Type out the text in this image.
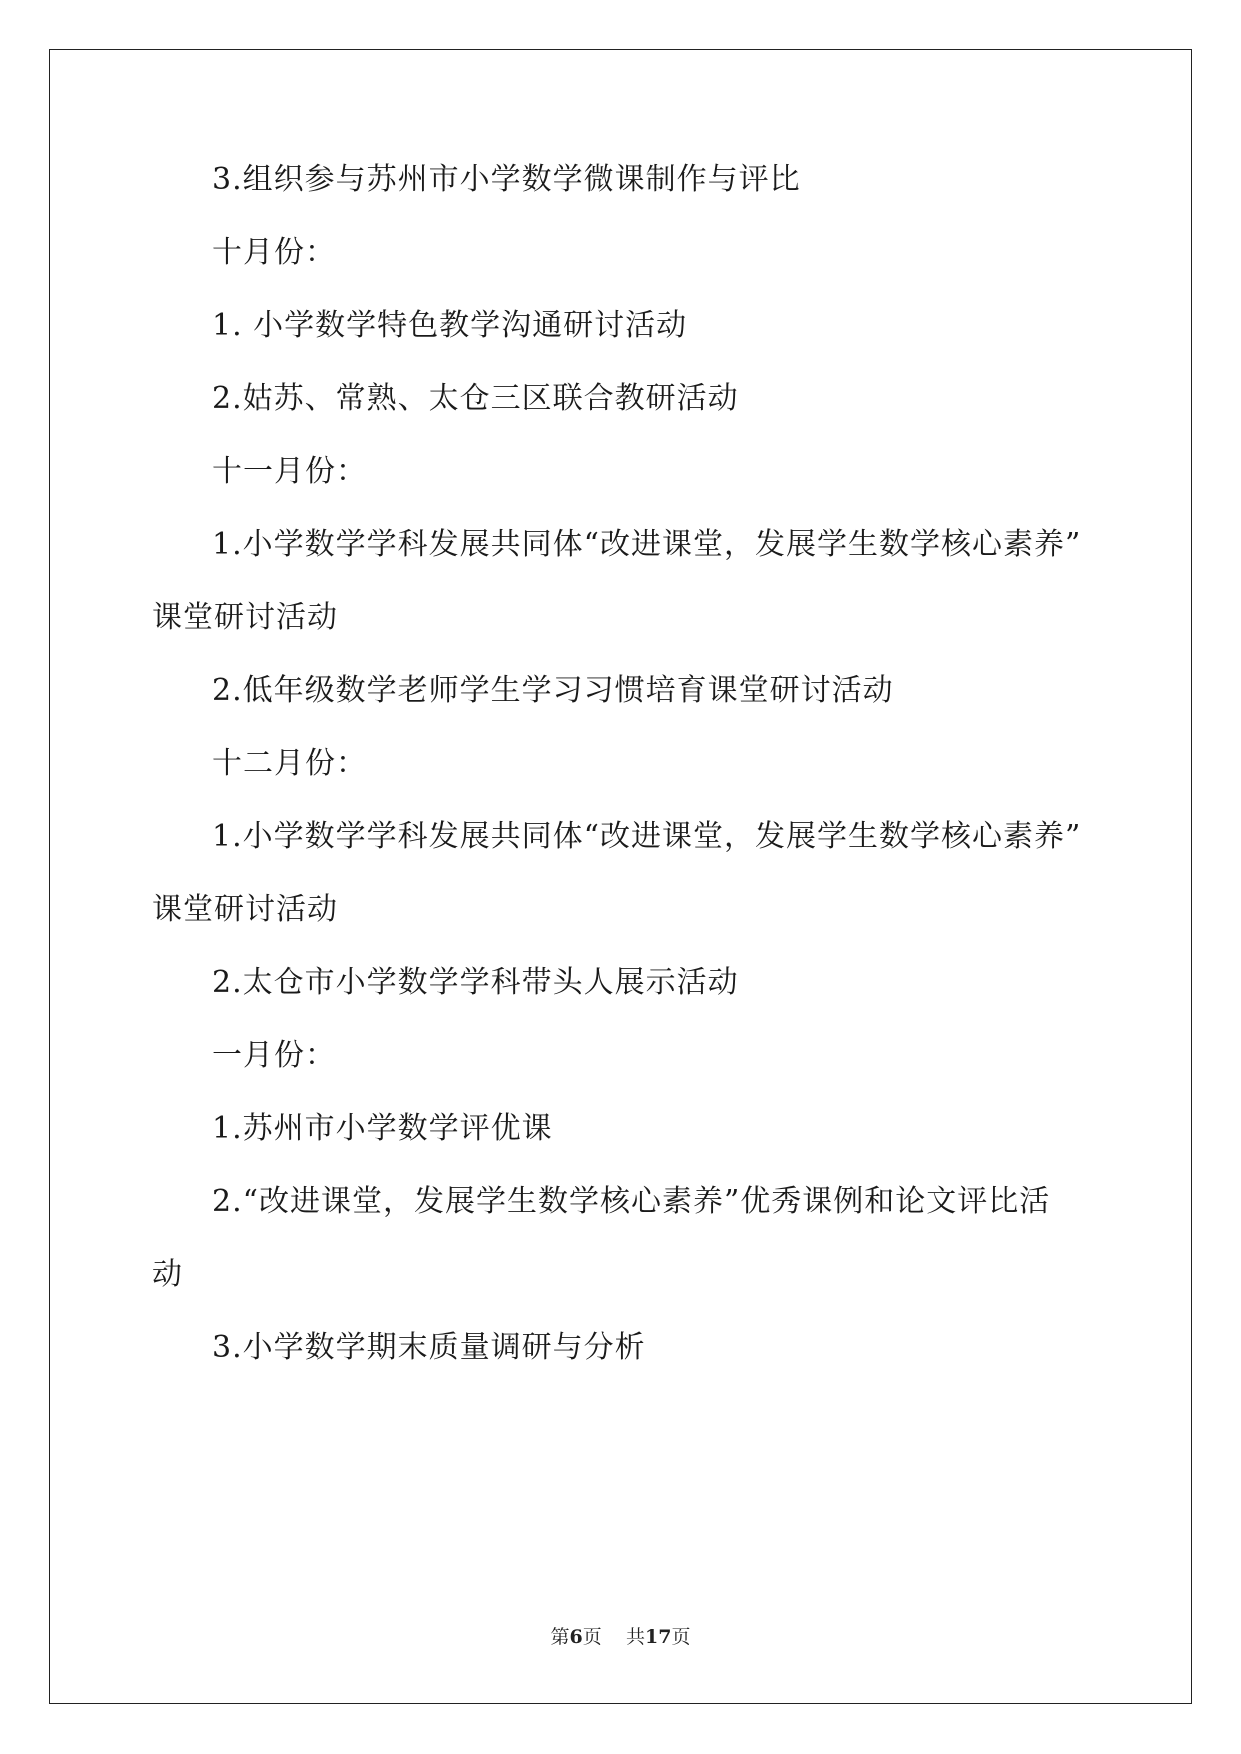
3.组织参与苏州市小学数学微课制作与评比

十月份：

1. 小学数学特色教学沟通研讨活动

2.姑苏、常熟、太仓三区联合教研活动

十一月份：

1.小学数学学科发展共同体“改进课堂，发展学生数学核心素养”

课堂研讨活动

2.低年级数学老师学生学习习惯培育课堂研讨活动

十二月份：

1.小学数学学科发展共同体“改进课堂，发展学生数学核心素养”

课堂研讨活动

2.太仓市小学数学学科带头人展示活动

一月份：

1.苏州市小学数学评优课

2.“改进课堂，发展学生数学核心素养”优秀课例和论文评比活

动

3.小学数学期末质量调研与分析

第6页 共17页
